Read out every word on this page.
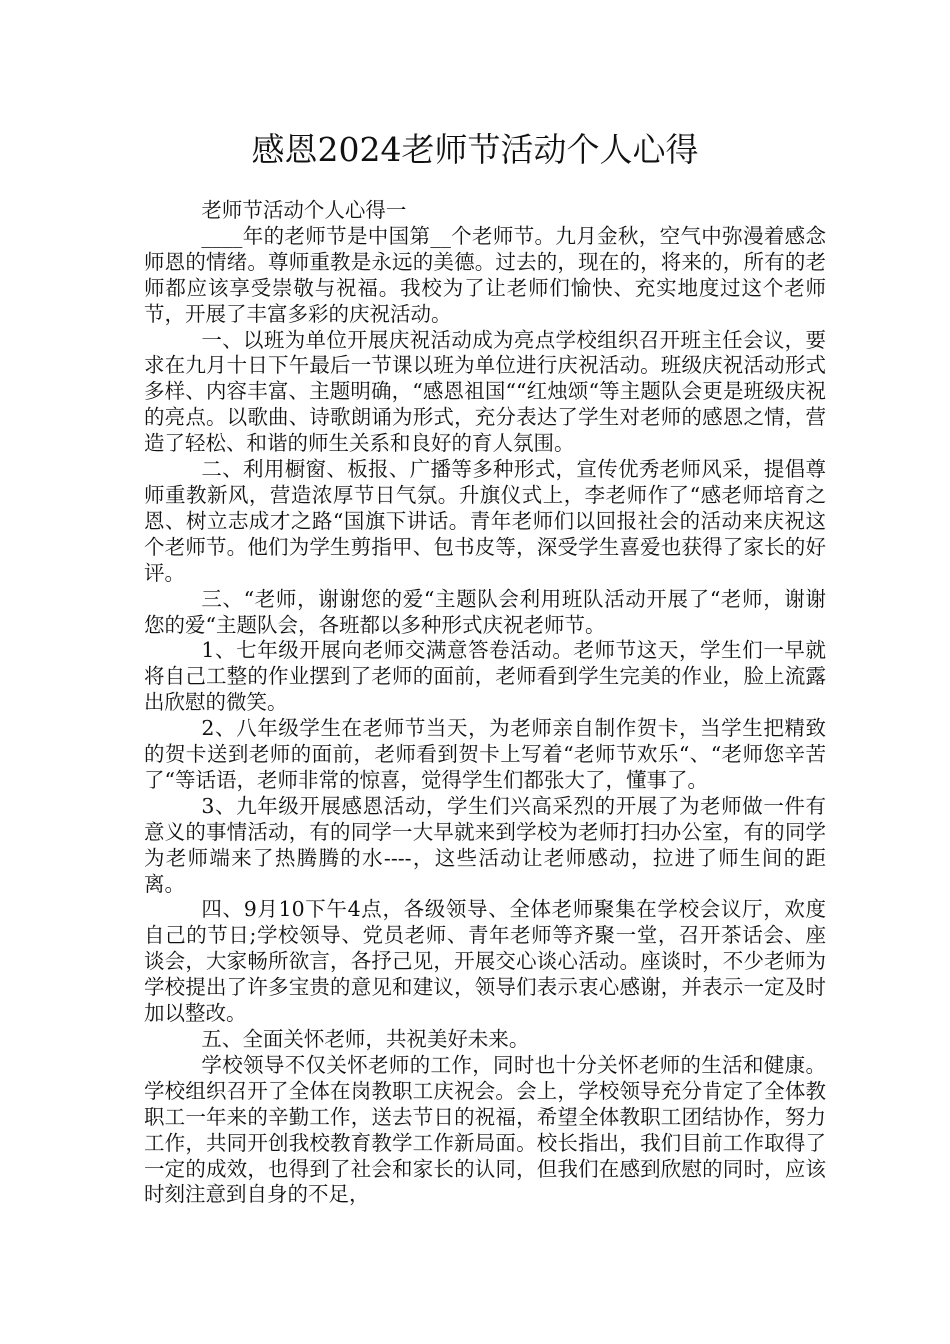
感恩2024老师节活动个人心得

老师节活动个人心得一

____年的老师节是中国第__个老师节。九月金秋，空气中弥漫着感念师恩的情绪。尊师重教是永远的美德。过去的，现在的，将来的，所有的老师都应该享受崇敬与祝福。我校为了让老师们愉快、充实地度过这个老师节，开展了丰富多彩的庆祝活动。

一、以班为单位开展庆祝活动成为亮点学校组织召开班主任会议，要求在九月十日下午最后一节课以班为单位进行庆祝活动。班级庆祝活动形式多样、内容丰富、主题明确，“感恩祖国““红烛颂“等主题队会更是班级庆祝的亮点。以歌曲、诗歌朗诵为形式，充分表达了学生对老师的感恩之情，营造了轻松、和谐的师生关系和良好的育人氛围。

二、利用橱窗、板报、广播等多种形式，宣传优秀老师风采，提倡尊师重教新风，营造浓厚节日气氛。升旗仪式上，李老师作了“感老师培育之恩、树立志成才之路“国旗下讲话。青年老师们以回报社会的活动来庆祝这个老师节。他们为学生剪指甲、包书皮等，深受学生喜爱也获得了家长的好评。

三、“老师，谢谢您的爱“主题队会利用班队活动开展了“老师，谢谢您的爱“主题队会，各班都以多种形式庆祝老师节。

1、七年级开展向老师交满意答卷活动。老师节这天，学生们一早就将自己工整的作业摆到了老师的面前，老师看到学生完美的作业，脸上流露出欣慰的微笑。

2、八年级学生在老师节当天，为老师亲自制作贺卡，当学生把精致的贺卡送到老师的面前，老师看到贺卡上写着“老师节欢乐“、“老师您辛苦了“等话语，老师非常的惊喜，觉得学生们都张大了，懂事了。

3、九年级开展感恩活动，学生们兴高采烈的开展了为老师做一件有意义的事情活动，有的同学一大早就来到学校为老师打扫办公室，有的同学为老师端来了热腾腾的水----，这些活动让老师感动，拉进了师生间的距离。

四、9月10下午4点，各级领导、全体老师聚集在学校会议厅，欢度自己的节日;学校领导、党员老师、青年老师等齐聚一堂，召开茶话会、座谈会，大家畅所欲言，各抒己见，开展交心谈心活动。座谈时，不少老师为学校提出了许多宝贵的意见和建议，领导们表示衷心感谢，并表示一定及时加以整改。

五、全面关怀老师，共祝美好未来。

学校领导不仅关怀老师的工作，同时也十分关怀老师的生活和健康。学校组织召开了全体在岗教职工庆祝会。会上，学校领导充分肯定了全体教职工一年来的辛勤工作，送去节日的祝福，希望全体教职工团结协作，努力工作，共同开创我校教育教学工作新局面。校长指出，我们目前工作取得了一定的成效，也得到了社会和家长的认同，但我们在感到欣慰的同时，应该时刻注意到自身的不足，
